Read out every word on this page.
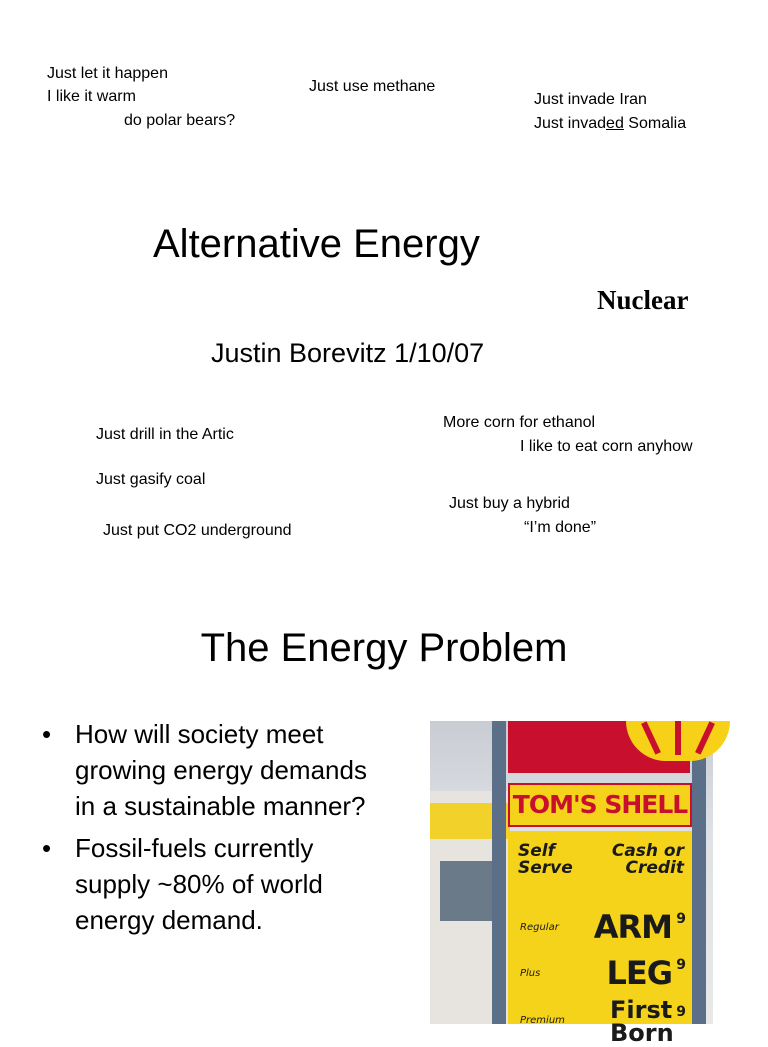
Just let it happen
I like it warm
do polar bears?
Just use methane
Just invade Iran
Just invaded Somalia
Alternative Energy
Nuclear
Justin Borevitz 1/10/07
Just drill in the Artic
Just gasify coal
Just put CO2 underground
More corn for ethanol
I like to eat corn anyhow
Just buy a hybrid
“I’m done”
The Energy Problem
• How will society meet growing energy demands in a sustainable manner?
• Fossil-fuels currently supply ~80% of world energy demand.
TOM'S SHELL
Self Serve
Cash or Credit
Regular ARM 9
Plus LEG 9
Premium First Born
9
